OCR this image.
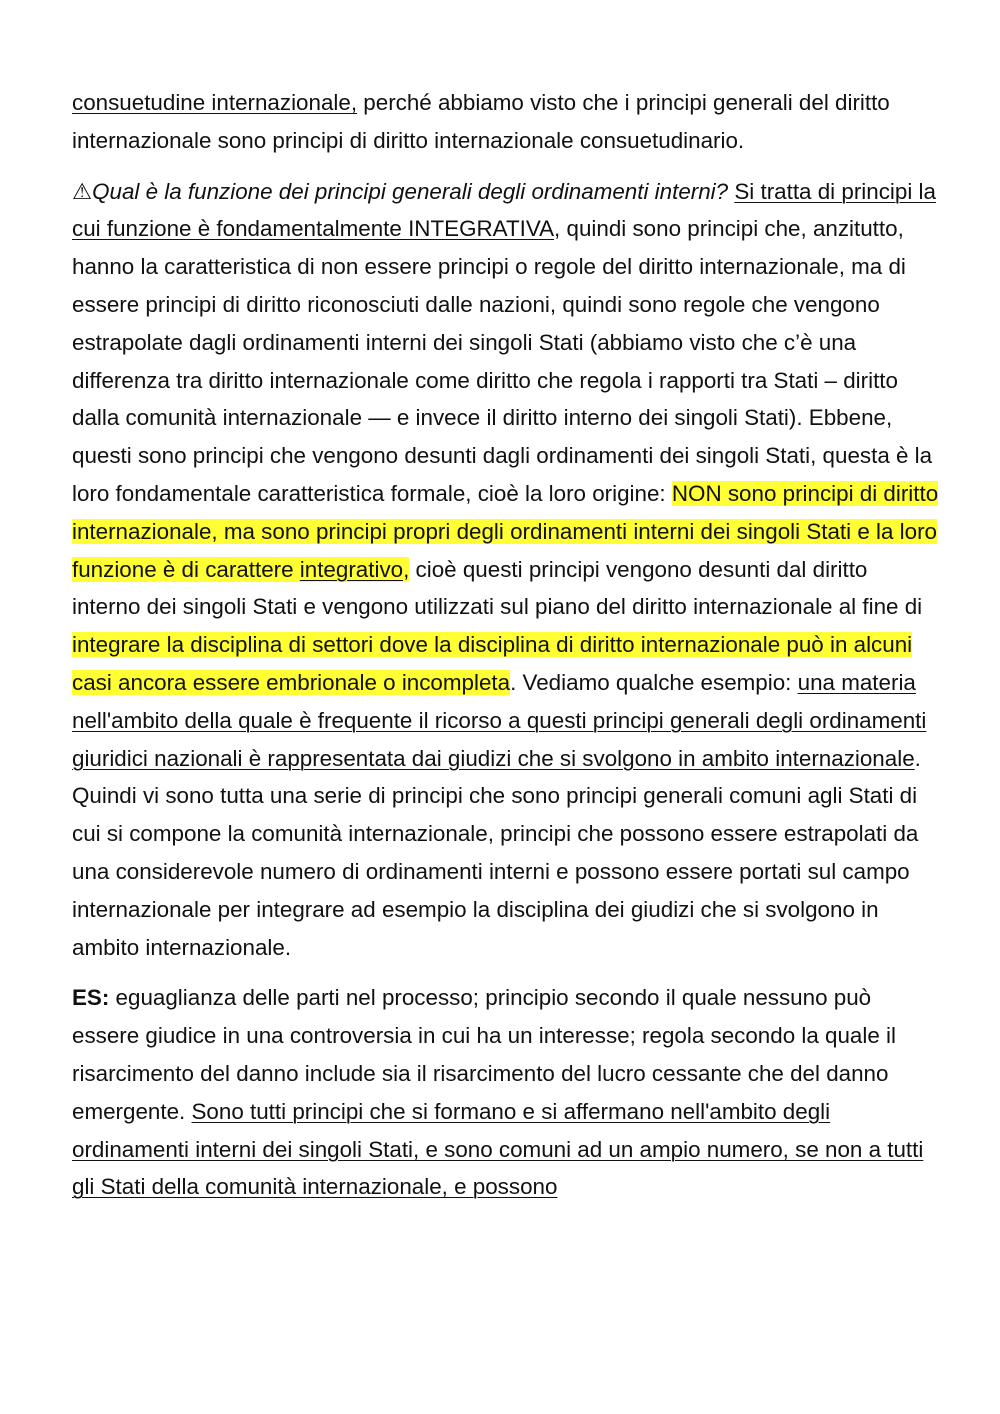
consuetudine internazionale, perché abbiamo visto che i principi generali del diritto internazionale sono principi di diritto internazionale consuetudinario.

⚠Qual è la funzione dei principi generali degli ordinamenti interni? Si tratta di principi la cui funzione è fondamentalmente INTEGRATIVA, quindi sono principi che, anzitutto, hanno la caratteristica di non essere principi o regole del diritto internazionale, ma di essere principi di diritto riconosciuti dalle nazioni, quindi sono regole che vengono estrapolate dagli ordinamenti interni dei singoli Stati (abbiamo visto che c’è una differenza tra diritto internazionale come diritto che regola i rapporti tra Stati – diritto dalla comunità internazionale — e invece il diritto interno dei singoli Stati). Ebbene, questi sono principi che vengono desunti dagli ordinamenti dei singoli Stati, questa è la loro fondamentale caratteristica formale, cioè la loro origine: NON sono principi di diritto internazionale, ma sono principi propri degli ordinamenti interni dei singoli Stati e la loro funzione è di carattere integrativo, cioè questi principi vengono desunti dal diritto interno dei singoli Stati e vengono utilizzati sul piano del diritto internazionale al fine di integrare la disciplina di settori dove la disciplina di diritto internazionale può in alcuni casi ancora essere embrionale o incompleta. Vediamo qualche esempio: una materia nell'ambito della quale è frequente il ricorso a questi principi generali degli ordinamenti giuridici nazionali è rappresentata dai giudizi che si svolgono in ambito internazionale. Quindi vi sono tutta una serie di principi che sono principi generali comuni agli Stati di cui si compone la comunità internazionale, principi che possono essere estrapolati da una considerevole numero di ordinamenti interni e possono essere portati sul campo internazionale per integrare ad esempio la disciplina dei giudizi che si svolgono in ambito internazionale.

ES: eguaglianza delle parti nel processo; principio secondo il quale nessuno può essere giudice in una controversia in cui ha un interesse; regola secondo la quale il risarcimento del danno include sia il risarcimento del lucro cessante che del danno emergente. Sono tutti principi che si formano e si affermano nell'ambito degli ordinamenti interni dei singoli Stati, e sono comuni ad un ampio numero, se non a tutti gli Stati della comunità internazionale, e possono
